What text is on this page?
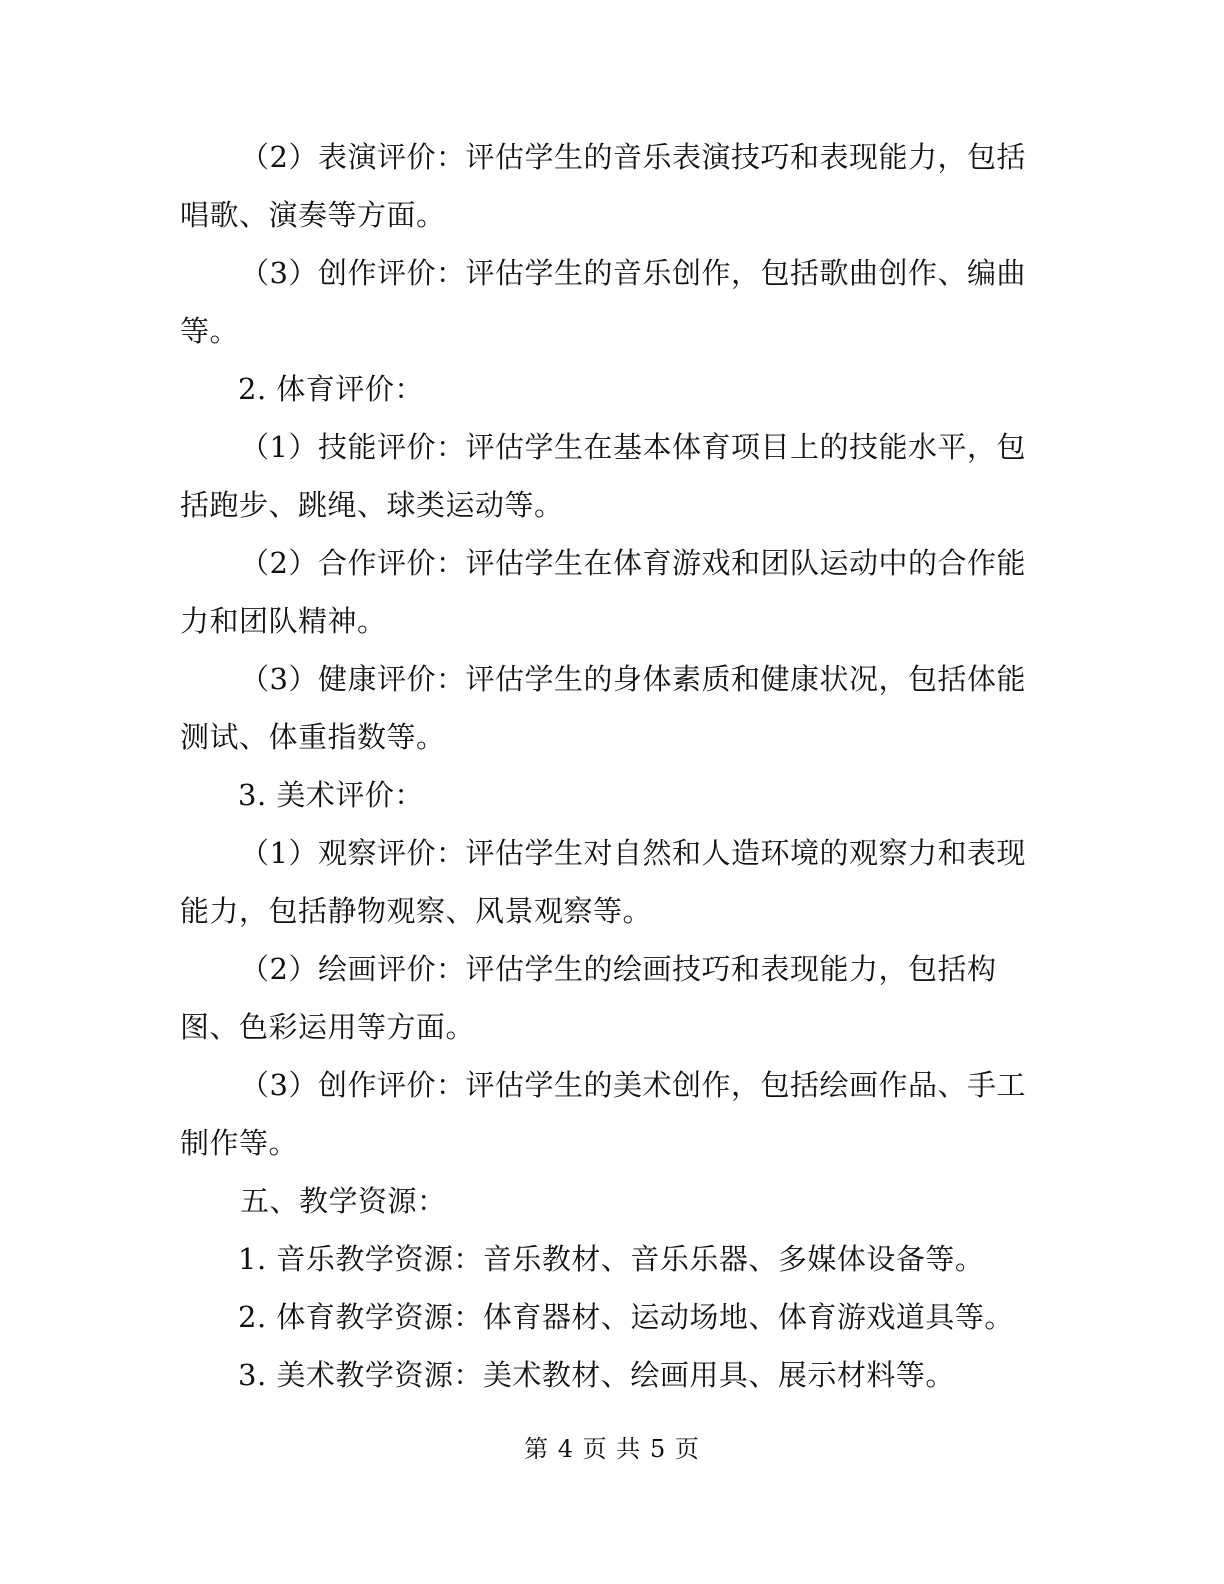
（2）表演评价：评估学生的音乐表演技巧和表现能力，包括唱歌、演奏等方面。

（3）创作评价：评估学生的音乐创作，包括歌曲创作、编曲等。

2. 体育评价：

（1）技能评价：评估学生在基本体育项目上的技能水平，包括跑步、跳绳、球类运动等。

（2）合作评价：评估学生在体育游戏和团队运动中的合作能力和团队精神。

（3）健康评价：评估学生的身体素质和健康状况，包括体能测试、体重指数等。

3. 美术评价：

（1）观察评价：评估学生对自然和人造环境的观察力和表现能力，包括静物观察、风景观察等。

（2）绘画评价：评估学生的绘画技巧和表现能力，包括构图、色彩运用等方面。

（3）创作评价：评估学生的美术创作，包括绘画作品、手工制作等。

五、教学资源：

1. 音乐教学资源：音乐教材、音乐乐器、多媒体设备等。

2. 体育教学资源：体育器材、运动场地、体育游戏道具等。

3. 美术教学资源：美术教材、绘画用具、展示材料等。

第 4 页 共 5 页
